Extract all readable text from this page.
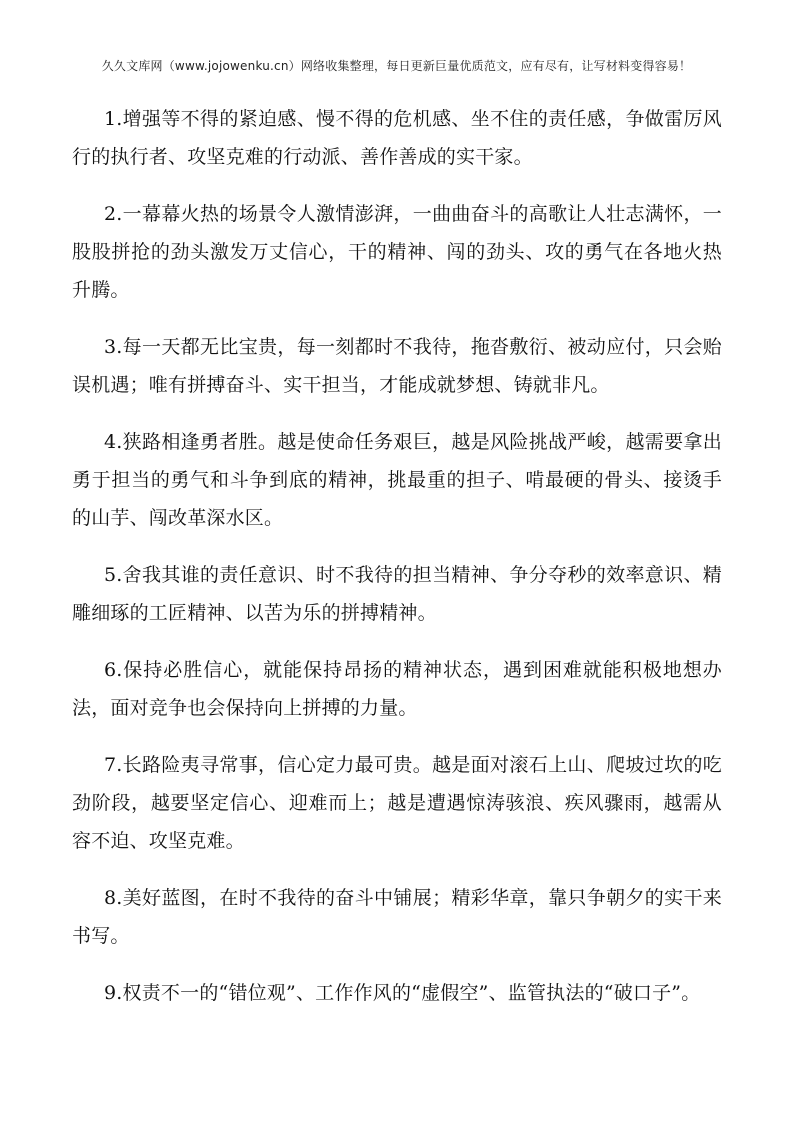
久久文库网（www.jojowenku.cn）网络收集整理，每日更新巨量优质范文，应有尽有，让写材料变得容易！

1.增强等不得的紧迫感、慢不得的危机感、坐不住的责任感，争做雷厉风行的执行者、攻坚克难的行动派、善作善成的实干家。

2.一幕幕火热的场景令人激情澎湃，一曲曲奋斗的高歌让人壮志满怀，一股股拼抢的劲头激发万丈信心，干的精神、闯的劲头、攻的勇气在各地火热升腾。

3.每一天都无比宝贵，每一刻都时不我待，拖沓敷衍、被动应付，只会贻误机遇；唯有拼搏奋斗、实干担当，才能成就梦想、铸就非凡。

4.狭路相逢勇者胜。越是使命任务艰巨，越是风险挑战严峻，越需要拿出勇于担当的勇气和斗争到底的精神，挑最重的担子、啃最硬的骨头、接烫手的山芋、闯改革深水区。

5.舍我其谁的责任意识、时不我待的担当精神、争分夺秒的效率意识、精雕细琢的工匠精神、以苦为乐的拼搏精神。

6.保持必胜信心，就能保持昂扬的精神状态，遇到困难就能积极地想办法，面对竞争也会保持向上拼搏的力量。

7.长路险夷寻常事，信心定力最可贵。越是面对滚石上山、爬坡过坎的吃劲阶段，越要坚定信心、迎难而上；越是遭遇惊涛骇浪、疾风骤雨，越需从容不迫、攻坚克难。

8.美好蓝图，在时不我待的奋斗中铺展；精彩华章，靠只争朝夕的实干来书写。

9.权责不一的“错位观”、工作作风的“虚假空”、监管执法的“破口子”。
